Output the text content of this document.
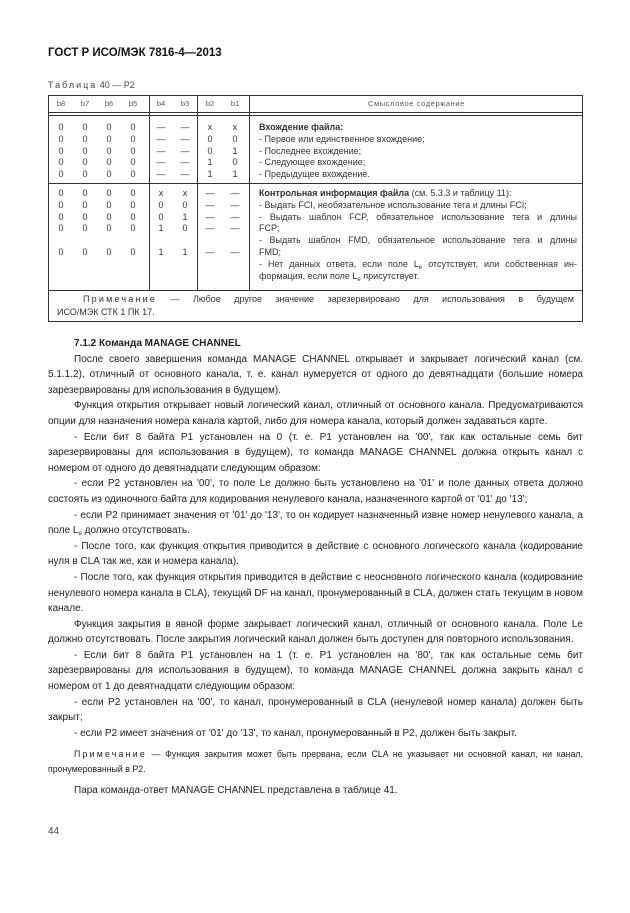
ГОСТ Р ИСО/МЭК 7816-4—2013
Таблица 40 — P2
b8	b7	b6	b5	b4	b3	b2	b1	Смысловое содержание
0	0	0	0	—	—	x	x
0	0	0	0	—	—	0	0
0	0	0	0	—	—	0	1
0	0	0	0	—	—	1	0
0	0	0	0	—	—	1	1
Вхождение файла:
- Первое или единственное вхождение;
- Последнее вхождение;
- Следующее вхождение;
- Предыдущее вхождение.
0	0	0	0	x	x	—	—
0	0	0	0	0	0	—	—
0	0	0	0	0	1	—	—
0	0	0	0	1	0	—	—
0	0	0	0	1	1	—	—
Контрольная информация файла (см. 5.3.3 и таблицу 11):
- Выдать FCI, необязательное использование тега и длины FCI;
- Выдать шаблон FCP, обязательное использование тега и длины
FCP;
- Выдать шаблон FMD, обязательное использование тега и длины
FMD;
- Нет данных ответа, если поле $L_e$ отсутствует, или собственная ин-
формация, если поле $L_e$ присутствует.
Примечание — Любое другое значение зарезервировано для использования в будущем
ИСО/МЭК СТК 1 ПК 17.
7.1.2 Команда MANAGE CHANNEL

После своего завершения команда MANAGE CHANNEL открывает и закрывает логический канал (см. 5.1.1.2), отличный от основного канала, т. е. канал нумеруется от одного до девятнадцати (большие номера зарезервированы для использования в будущем).

Функция открытия открывает новый логический канал, отличный от основного канала. Предусматриваются опции для назначения номера канала картой, либо для номера канала, который должен задаваться карте.

- Если бит 8 байта P1 установлен на 0 (т. е. P1 установлен на '00', так как остальные семь бит зарезервированы для использования в будущем), то команда MANAGE CHANNEL должна открыть канал с номером от одного до девятнадцати следующим образом:

- если P2 установлен на '00', то поле Le должно быть установлено на '01' и поле данных ответа должно состоять из одиночного байта для кодирования ненулевого канала, назначенного картой от '01' до '13';

- если P2 принимает значения от '01' до '13', то он кодирует назначенный извне номер ненулевого канала, а поле $L_e$ должно отсутствовать.

- После того, как функция открытия приводится в действие с основного логического канала (кодирование нуля в CLA так же, как и номера канала).

- После того, как функция открытия приводится в действие с неосновного логического канала (кодирование ненулевого номера канала в CLA), текущий DF на канал, пронумерованный в CLA, должен стать текущим в новом канале.

Функция закрытия в явной форме закрывает логический канал, отличный от основного канала. Поле Le должно отсутствовать. После закрытия логический канал должен быть доступен для повторного использования.

- Если бит 8 байта P1 установлен на 1 (т. е. P1 установлен на '80', так как остальные семь бит зарезервированы для использования в будущем), то команда MANAGE CHANNEL должна закрыть канал с номером от 1 до девятнадцати следующим образом:

- если P2 установлен на '00', то канал, пронумерованный в CLA (ненулевой номер канала) должен быть закрыт;

- если P2 имеет значения от '01' до '13', то канал, пронумерованный в P2, должен быть закрыт.

Примечание — Функция закрытия может быть прервана, если CLA не указывает ни основной канал, ни канал, пронумерованный в P2.

Пара команда-ответ MANAGE CHANNEL представлена в таблице 41.

44
